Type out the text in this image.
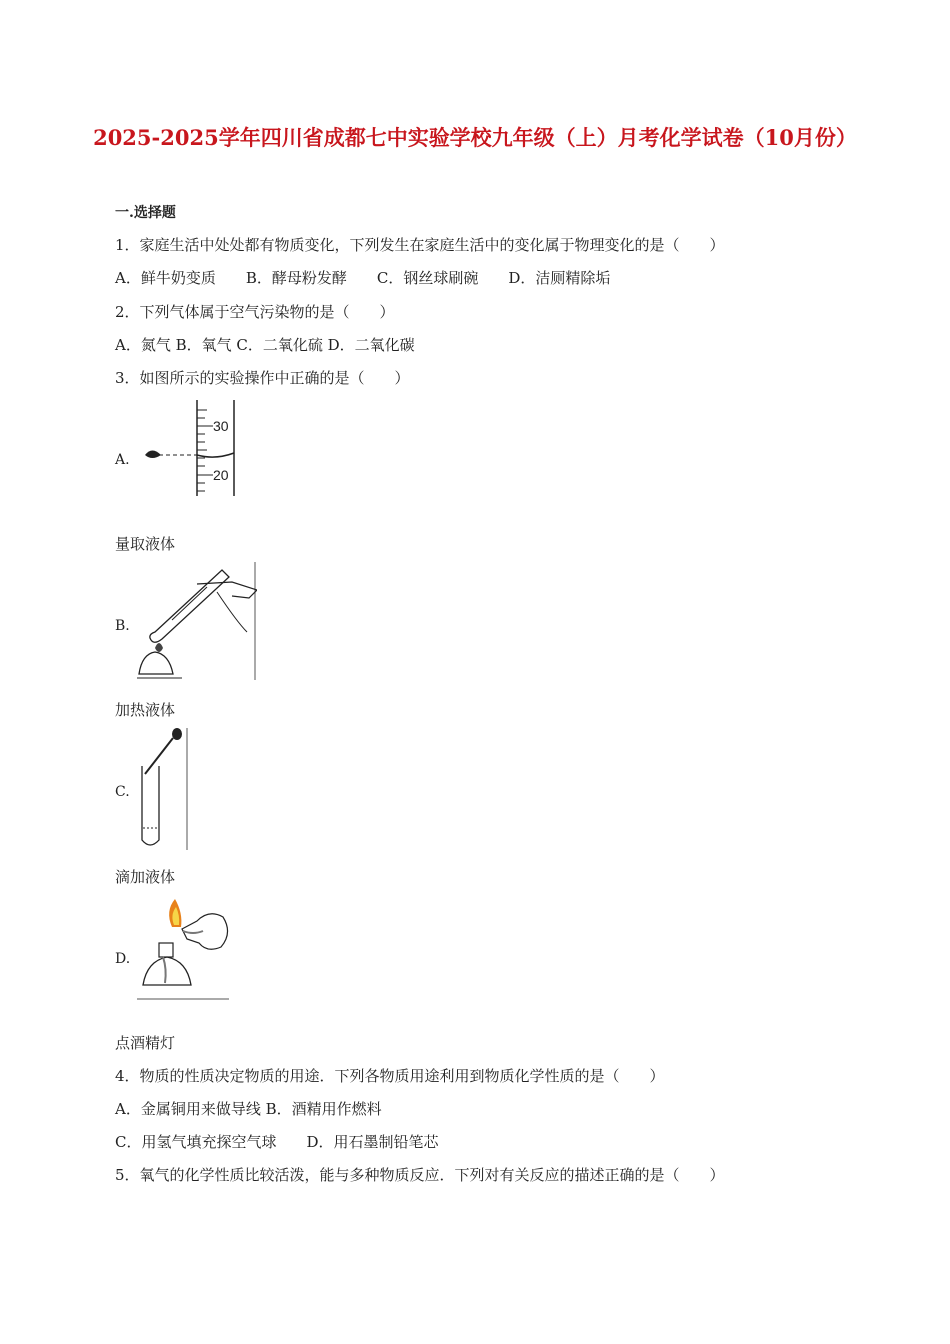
2025-2025学年四川省成都七中实验学校九年级（上）月考化学试卷（10月份）
一.选择题
1．家庭生活中处处都有物质变化，下列发生在家庭生活中的变化属于物理变化的是（　　）
A．鲜牛奶变质　　B．酵母粉发酵　　C．钢丝球刷碗　　D．洁厕精除垢
2．下列气体属于空气污染物的是（　　）
A．氮气 B．氧气 C．二氧化硫 D．二氧化碳
3．如图所示的实验操作中正确的是（　　）
A.
30
20
量取液体
B.
加热液体
C.
滴加液体
D.
点酒精灯
4．物质的性质决定物质的用途．下列各物质用途利用到物质化学性质的是（　　）
A．金属铜用来做导线 B．酒精用作燃料
C．用氢气填充探空气球　　D．用石墨制铅笔芯
5．氧气的化学性质比较活泼，能与多种物质反应．下列对有关反应的描述正确的是（　　）
